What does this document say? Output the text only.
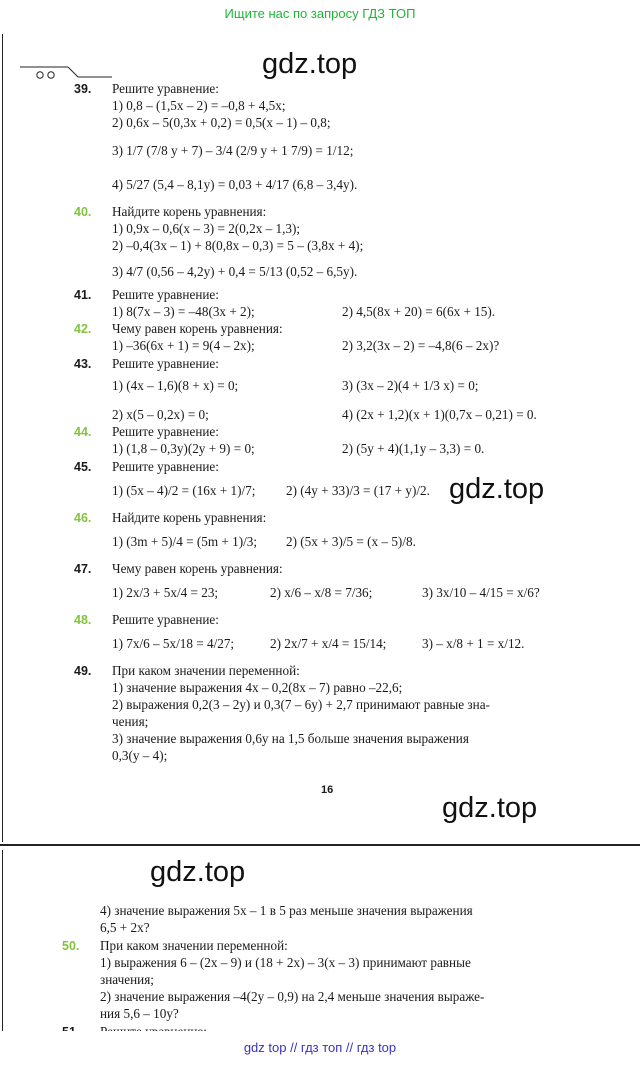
Ищите нас по запросу ГДЗ ТОП
gdz.top
gdz.top
gdz.top
gdz.top
39. Решите уравнение:
1) 0,8 – (1,5x – 2) = –0,8 + 4,5x;
2) 0,6x – 5(0,3x + 0,2) = 0,5(x – 1) – 0,8;
3) 1/7 (7/8 y + 7) – 3/4 (2/9 y + 1 7/9) = 1/12;
4) 5/27 (5,4 – 8,1y) = 0,03 + 4/17 (6,8 – 3,4y).
40. Найдите корень уравнения:
1) 0,9x – 0,6(x – 3) = 2(0,2x – 1,3);
2) –0,4(3x – 1) + 8(0,8x – 0,3) = 5 – (3,8x + 4);
3) 4/7 (0,56 – 4,2y) + 0,4 = 5/13 (0,52 – 6,5y).
41. Решите уравнение:
1) 8(7x – 3) = –48(3x + 2);	2) 4,5(8x + 20) = 6(6x + 15).
42. Чему равен корень уравнения:
1) –36(6x + 1) = 9(4 – 2x);	2) 3,2(3x – 2) = –4,8(6 – 2x)?
43. Решите уравнение:
1) (4x – 1,6)(8 + x) = 0;	3) (3x – 2)(4 + 1/3 x) = 0;
2) x(5 – 0,2x) = 0;	4) (2x + 1,2)(x + 1)(0,7x – 0,21) = 0.
44. Решите уравнение:
1) (1,8 – 0,3y)(2y + 9) = 0;	2) (5y + 4)(1,1y – 3,3) = 0.
45. Решите уравнение:
1) (5x – 4)/2 = (16x + 1)/7; 2) (4y + 33)/3 = (17 + y)/2.
46. Найдите корень уравнения:
1) (3m + 5)/4 = (5m + 1)/3; 2) (5x + 3)/5 = (x – 5)/8.
47. Чему равен корень уравнения:
1) 2x/3 + 5x/4 = 23;	2) x/6 – x/8 = 7/36;	3) 3x/10 – 4/15 = x/6?
48. Решите уравнение:
1) 7x/6 – 5x/18 = 4/27;	2) 2x/7 + x/4 = 15/14;	3) – x/8 + 1 = x/12.
49. При каком значении переменной:
1) значение выражения 4x – 0,2(8x – 7) равно –22,6;
2) выражения 0,2(3 – 2y) и 0,3(7 – 6y) + 2,7 принимают равные зна-
чения;
3) значение выражения 0,6y на 1,5 больше значения выражения
0,3(y – 4);
16
4) значение выражения 5x – 1 в 5 раз меньше значения выражения
6,5 + 2x?
50. При каком значении переменной:
1) выражения 6 – (2x – 9) и (18 + 2x) – 3(x – 3) принимают равные
значения;
2) значение выражения –4(2y – 0,9) на 2,4 меньше значения выраже-
ния 5,6 – 10y?
gdz top // гдз топ // гдз top
